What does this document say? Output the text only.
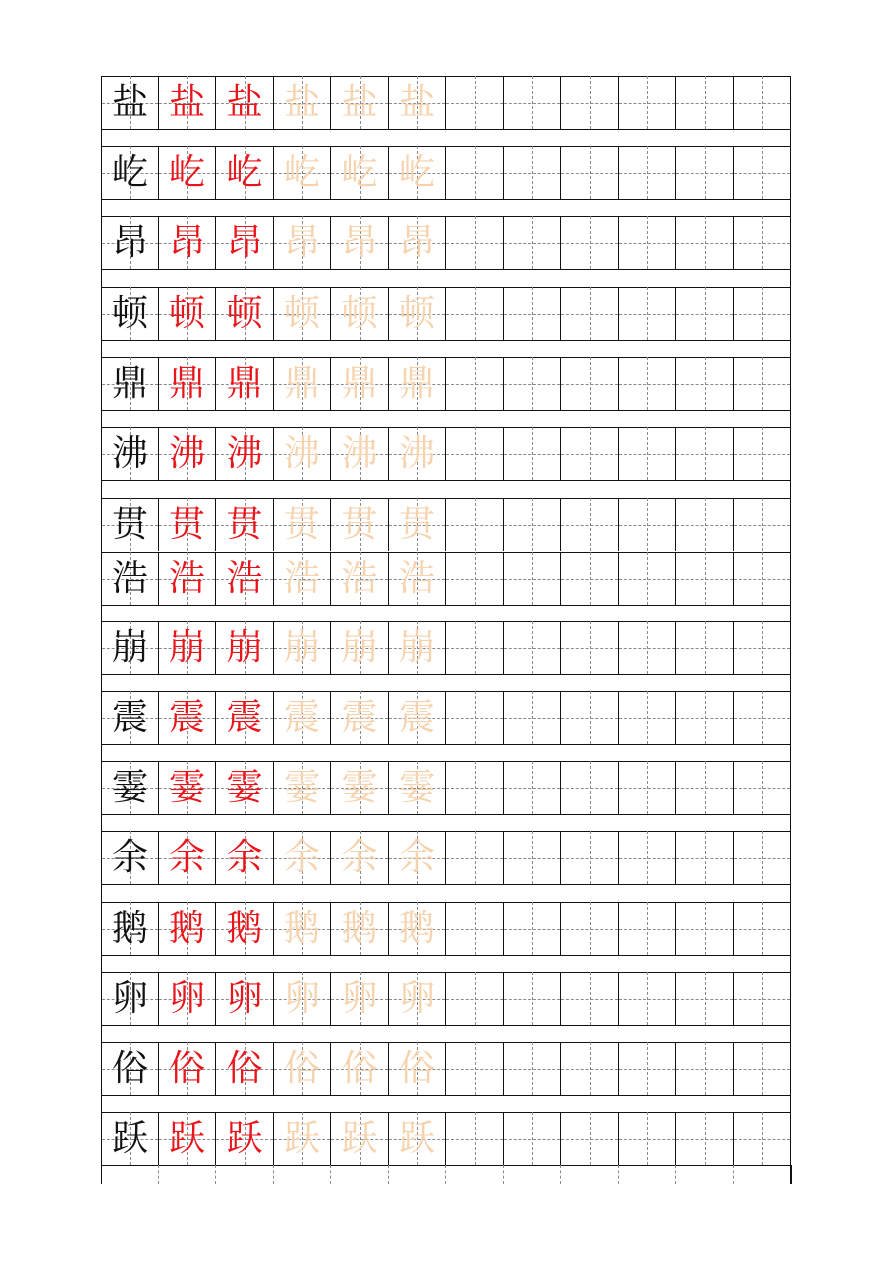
盐 盐 盐 盐 盐 盐
屹 屹 屹 屹 屹 屹
昂 昂 昂 昂 昂 昂
顿 顿 顿 顿 顿 顿
鼎 鼎 鼎 鼎 鼎 鼎
沸 沸 沸 沸 沸 沸
贯 贯 贯 贯 贯 贯
浩 浩 浩 浩 浩 浩
崩 崩 崩 崩 崩 崩
震 震 震 震 震 震
霎 霎 霎 霎 霎 霎
余 余 余 余 余 余
鹅 鹅 鹅 鹅 鹅 鹅
卵 卵 卵 卵 卵 卵
俗 俗 俗 俗 俗 俗
跃 跃 跃 跃 跃 跃
